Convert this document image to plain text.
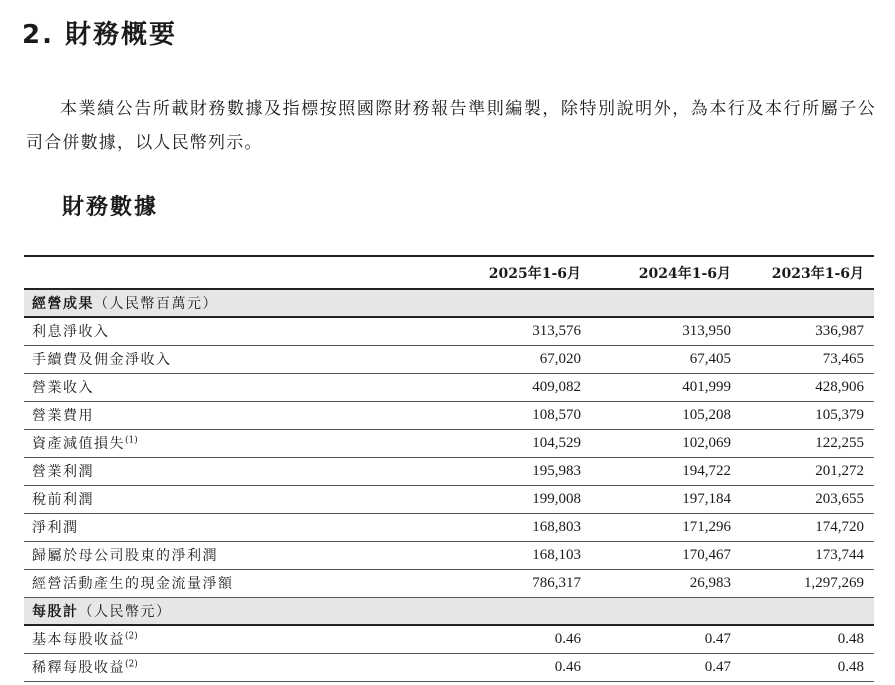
2. 財務概要

本業績公告所載財務數據及指標按照國際財務報告準則編製，除特別說明外，為本行及本行所屬子公司合併數據，以人民幣列示。

財務數據
	2025年1-6月	2024年1-6月	2023年1-6月
經營成果（人民幣百萬元）			
利息淨收入	313,576	313,950	336,987
手續費及佣金淨收入	67,020	67,405	73,465
營業收入	409,082	401,999	428,906
營業費用	108,570	105,208	105,379
資產減值損失$^{(1)}$	104,529	102,069	122,255
營業利潤	195,983	194,722	201,272
稅前利潤	199,008	197,184	203,655
淨利潤	168,803	171,296	174,720
歸屬於母公司股東的淨利潤	168,103	170,467	173,744
經營活動產生的現金流量淨額	786,317	26,983	1,297,269
每股計（人民幣元）			
基本每股收益$^{(2)}$	0.46	0.47	0.48
稀釋每股收益$^{(2)}$	0.46	0.47	0.48
